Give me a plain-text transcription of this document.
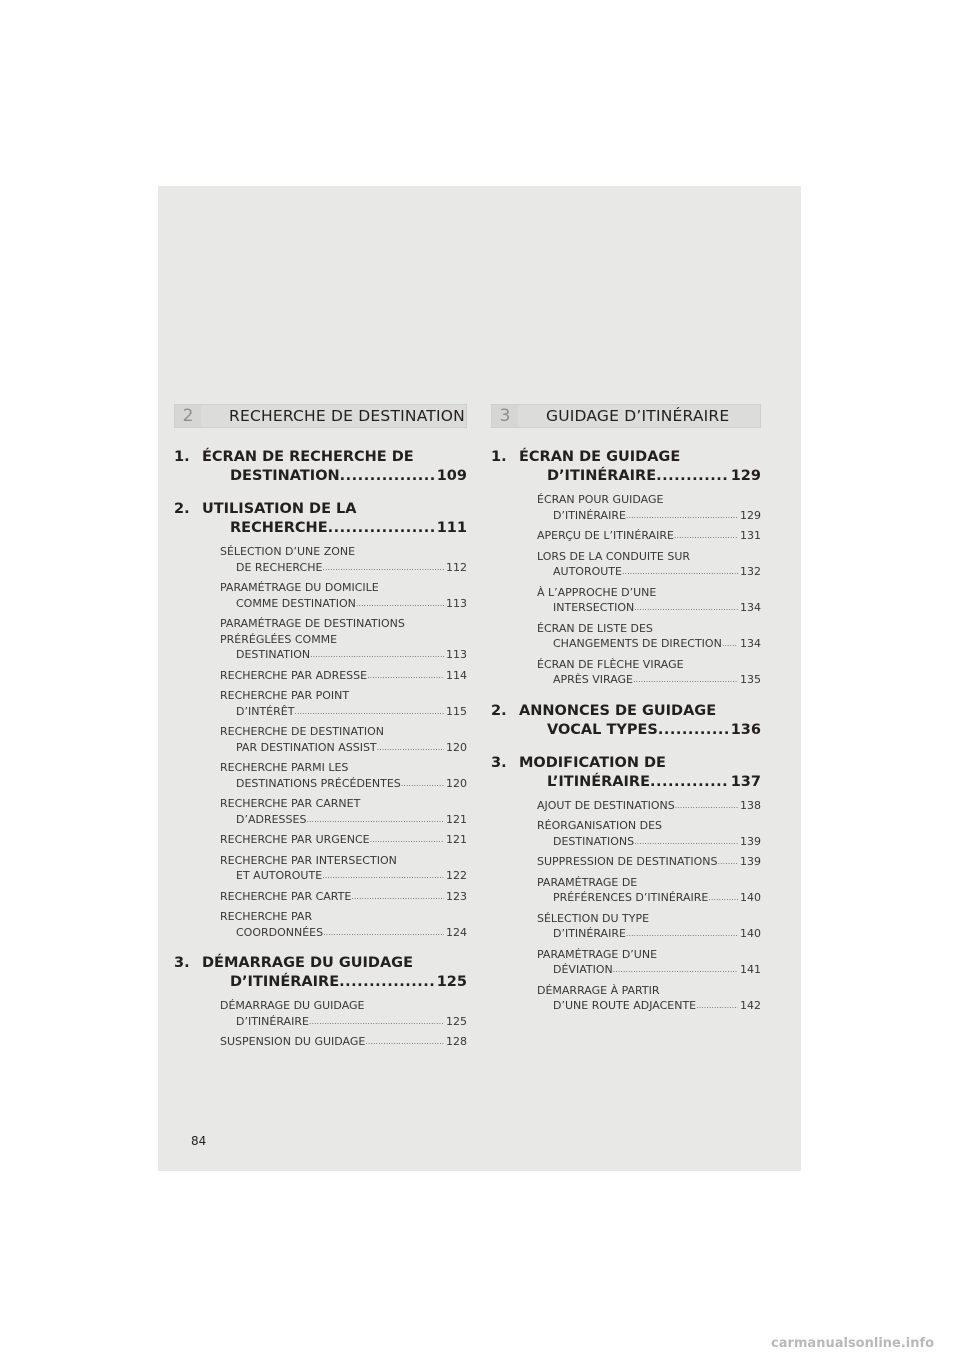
2	RECHERCHE DE DESTINATION
1. ÉCRAN DE RECHERCHE DE
DESTINATION .....	109
2. UTILISATION DE LA
RECHERCHE .....	111
SÉLECTION D’UNE ZONE
DE RECHERCHE .....	112
PARAMÉTRAGE DU DOMICILE
COMME DESTINATION .....	113
PARAMÉTRAGE DE DESTINATIONS
PRÉRÉGLÉES COMME
DESTINATION .....	113
RECHERCHE PAR ADRESSE .....	114
RECHERCHE PAR POINT
D’INTÉRÊT .....	115
RECHERCHE DE DESTINATION
PAR DESTINATION ASSIST .....	120
RECHERCHE PARMI LES
DESTINATIONS PRÉCÉDENTES .....	120
RECHERCHE PAR CARNET
D’ADRESSES .....	121
RECHERCHE PAR URGENCE .....	121
RECHERCHE PAR INTERSECTION
ET AUTOROUTE .....	122
RECHERCHE PAR CARTE .....	123
RECHERCHE PAR
COORDONNÉES .....	124
3. DÉMARRAGE DU GUIDAGE
D’ITINÉRAIRE .....	125
DÉMARRAGE DU GUIDAGE
D’ITINÉRAIRE .....	125
SUSPENSION DU GUIDAGE .....	128
3	GUIDAGE D’ITINÉRAIRE
1. ÉCRAN DE GUIDAGE
D’ITINÉRAIRE .....	129
ÉCRAN POUR GUIDAGE
D’ITINÉRAIRE .....	129
APERÇU DE L’ITINÉRAIRE .....	131
LORS DE LA CONDUITE SUR
AUTOROUTE .....	132
À L’APPROCHE D’UNE
INTERSECTION .....	134
ÉCRAN DE LISTE DES
CHANGEMENTS DE DIRECTION ..... 134
ÉCRAN DE FLÈCHE VIRAGE
APRÈS VIRAGE .....	135
2. ANNONCES DE GUIDAGE
VOCAL TYPES .....	136
3. MODIFICATION DE
L’ITINÉRAIRE .....	137
AJOUT DE DESTINATIONS .....	138
RÉORGANISATION DES
DESTINATIONS .....	139
SUPPRESSION DE DESTINATIONS ..... 139
PARAMÉTRAGE DE
PRÉFÉRENCES D’ITINÉRAIRE .....	140
SÉLECTION DU TYPE
D’ITINÉRAIRE .....	140
PARAMÉTRAGE D’UNE
DÉVIATION .....	141
DÉMARRAGE À PARTIR
D’UNE ROUTE ADJACENTE .....	142
84
carmanualsonline.info
